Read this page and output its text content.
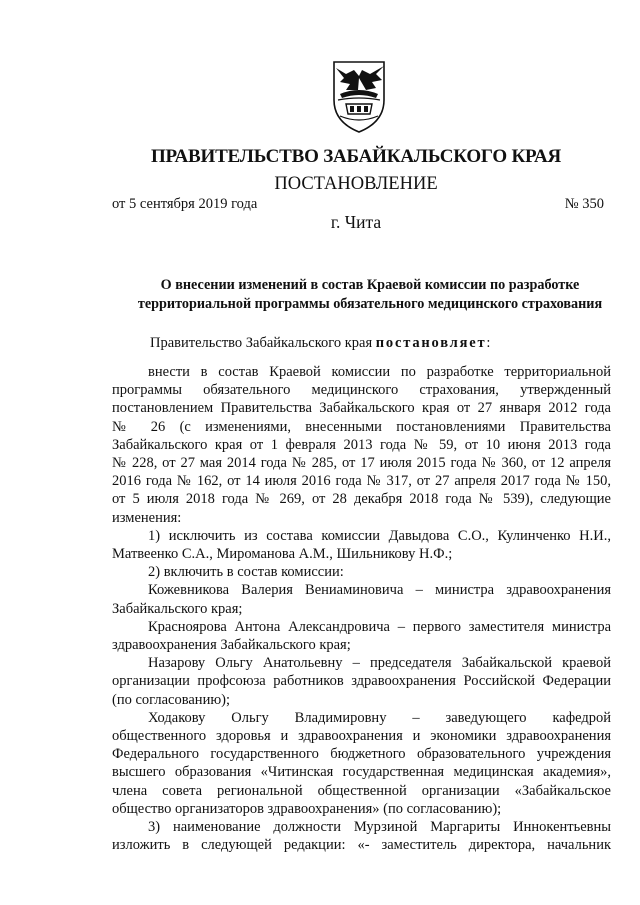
ПРАВИТЕЛЬСТВО ЗАБАЙКАЛЬСКОГО КРАЯ
ПОСТАНОВЛЕНИЕ
от 5 сентября 2019 года	№ 350
г. Чита
О внесении изменений в состав Краевой комиссии по разработке
территориальной программы обязательного медицинского страхования
Правительство Забайкальского края постановляет:

внести в состав Краевой комиссии по разработке территориальной

программы обязательного медицинского страхования, утвержденный

постановлением Правительства Забайкальского края от 27 января 2012 года

№ 26 (с изменениями, внесенными постановлениями Правительства

Забайкальского края от 1 февраля 2013 года № 59, от 10 июня 2013 года

№ 228, от 27 мая 2014 года № 285, от 17 июля 2015 года № 360, от 12 апреля

2016 года № 162, от 14 июля 2016 года № 317, от 27 апреля 2017 года № 150,

от 5 июля 2018 года № 269, от 28 декабря 2018 года № 539), следующие

изменения:

1) исключить из состава комиссии Давыдова С.О., Кулинченко Н.И.,

Матвеенко С.А., Мироманова А.М., Шильникову Н.Ф.;

2) включить в состав комиссии:

Кожевникова Валерия Вениаминовича – министра здравоохранения

Забайкальского края;

Красноярова Антона Александровича – первого заместителя министра

здравоохранения Забайкальского края;

Назарову Ольгу Анатольевну – председателя Забайкальской краевой

организации профсоюза работников здравоохранения Российской Федерации

(по согласованию);

Ходакову Ольгу Владимировну – заведующего кафедрой

общественного здоровья и здравоохранения и экономики здравоохранения

Федерального государственного бюджетного образовательного учреждения

высшего образования «Читинская государственная медицинская академия»,

члена совета региональной общественной организации «Забайкальское

общество организаторов здравоохранения» (по согласованию);

3) наименование должности Мурзиной Маргариты Иннокентьевны

изложить в следующей редакции: «- заместитель директора, начальник
